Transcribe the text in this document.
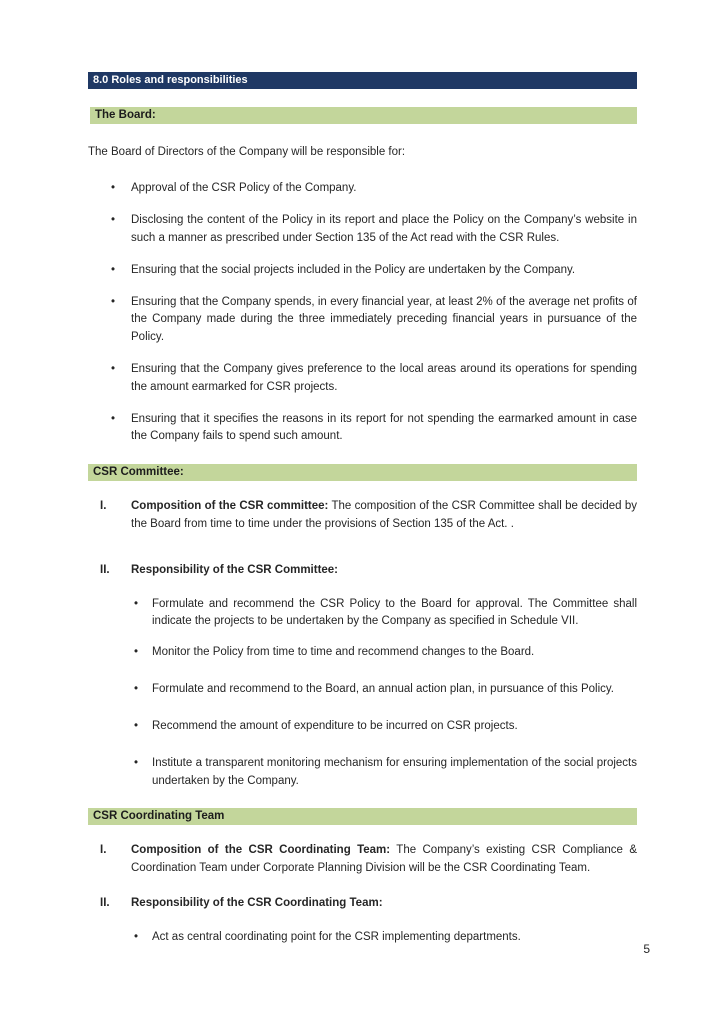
8.0 Roles and responsibilities
The Board:

The Board of Directors of the Company will be responsible for:

•	Approval of the CSR Policy of the Company.
•	Disclosing the content of the Policy in its report and place the Policy on the Company’s website in such a manner as prescribed under Section 135 of the Act read with the CSR Rules.
•	Ensuring that the social projects included in the Policy are undertaken by the Company.
•	Ensuring that the Company spends, in every financial year, at least 2% of the average net profits of the Company made during the three immediately preceding financial years in pursuance of the Policy.
•	Ensuring that the Company gives preference to the local areas around its operations for spending the amount earmarked for CSR projects.
•	Ensuring that it specifies the reasons in its report for not spending the earmarked amount in case the Company fails to spend such amount.
CSR Committee:
I.	Composition of the CSR committee: The composition of the CSR Committee shall be decided by the Board from time to time under the provisions of Section 135 of the Act. .
II.	Responsibility of the CSR Committee:
•	Formulate and recommend the CSR Policy to the Board for approval. The Committee shall indicate the projects to be undertaken by the Company as specified in Schedule VII.
•	Monitor the Policy from time to time and recommend changes to the Board.
•	Formulate and recommend to the Board, an annual action plan, in pursuance of this Policy.
•	Recommend the amount of expenditure to be incurred on CSR projects.
•	Institute a transparent monitoring mechanism for ensuring implementation of the social projects undertaken by the Company.
CSR Coordinating Team
I.	Composition of the CSR Coordinating Team: The Company’s existing CSR Compliance & Coordination Team under Corporate Planning Division will be the CSR Coordinating Team.
II.	Responsibility of the CSR Coordinating Team:
•	Act as central coordinating point for the CSR implementing departments.
5
